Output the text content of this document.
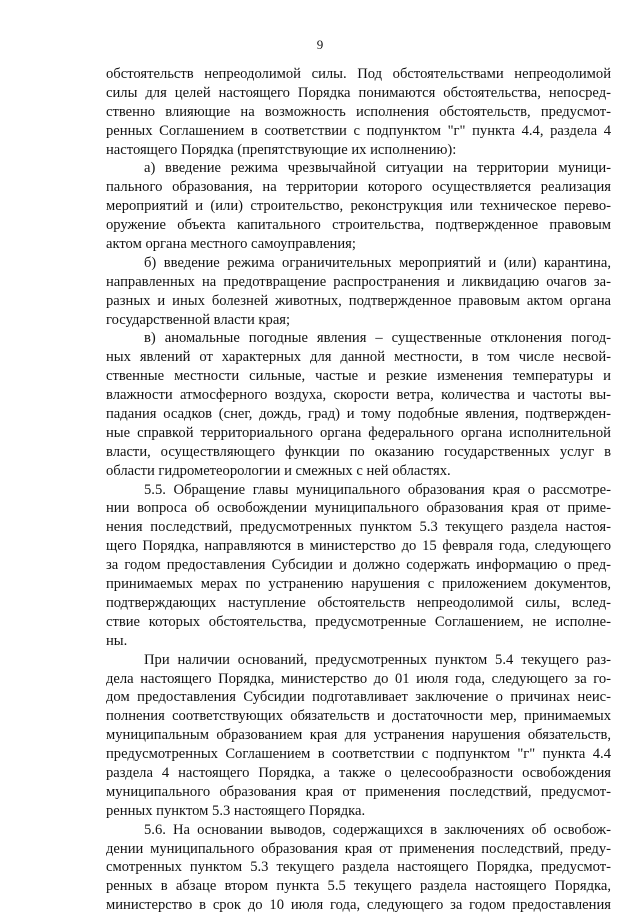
9
обстоятельств непреодолимой силы. Под обстоятельствами непреодолимой
силы для целей настоящего Порядка понимаются обстоятельства, непосред-
ственно влияющие на возможность исполнения обстоятельств, предусмот-
ренных Соглашением в соответствии с подпунктом "г" пункта 4.4, раздела 4
настоящего Порядка (препятствующие их исполнению):
а) введение режима чрезвычайной ситуации на территории муници-
пального образования, на территории которого осуществляется реализация
мероприятий и (или) строительство, реконструкция или техническое перево-
оружение объекта капитального строительства, подтвержденное правовым
актом органа местного самоуправления;
б) введение режима ограничительных мероприятий и (или) карантина,
направленных на предотвращение распространения и ликвидацию очагов за-
разных и иных болезней животных, подтвержденное правовым актом органа
государственной власти края;
в) аномальные погодные явления – существенные отклонения погод-
ных явлений от характерных для данной местности, в том числе несвой-
ственные местности сильные, частые и резкие изменения температуры и
влажности атмосферного воздуха, скорости ветра, количества и частоты вы-
падания осадков (снег, дождь, град) и тому подобные явления, подтвержден-
ные справкой территориального органа федерального органа исполнительной
власти, осуществляющего функции по оказанию государственных услуг в
области гидрометеорологии и смежных с ней областях.
5.5. Обращение главы муниципального образования края о рассмотре-
нии вопроса об освобождении муниципального образования края от приме-
нения последствий, предусмотренных пунктом 5.3 текущего раздела настоя-
щего Порядка, направляются в министерство до 15 февраля года, следующего
за годом предоставления Субсидии и должно содержать информацию о пред-
принимаемых мерах по устранению нарушения с приложением документов,
подтверждающих наступление обстоятельств непреодолимой силы, вслед-
ствие которых обстоятельства, предусмотренные Соглашением, не исполне-
ны.
При наличии оснований, предусмотренных пунктом 5.4 текущего раз-
дела настоящего Порядка, министерство до 01 июля года, следующего за го-
дом предоставления Субсидии подготавливает заключение о причинах неис-
полнения соответствующих обязательств и достаточности мер, принимаемых
муниципальным образованием края для устранения нарушения обязательств,
предусмотренных Соглашением в соответствии с подпунктом "г" пункта 4.4
раздела 4 настоящего Порядка, а также о целесообразности освобождения
муниципального образования края от применения последствий, предусмот-
ренных пунктом 5.3 настоящего Порядка.
5.6. На основании выводов, содержащихся в заключениях об освобож-
дении муниципального образования края от применения последствий, преду-
смотренных пунктом 5.3 текущего раздела настоящего Порядка, предусмот-
ренных в абзаце втором пункта 5.5 текущего раздела настоящего Порядка,
министерство в срок до 10 июля года, следующего за годом предоставления
